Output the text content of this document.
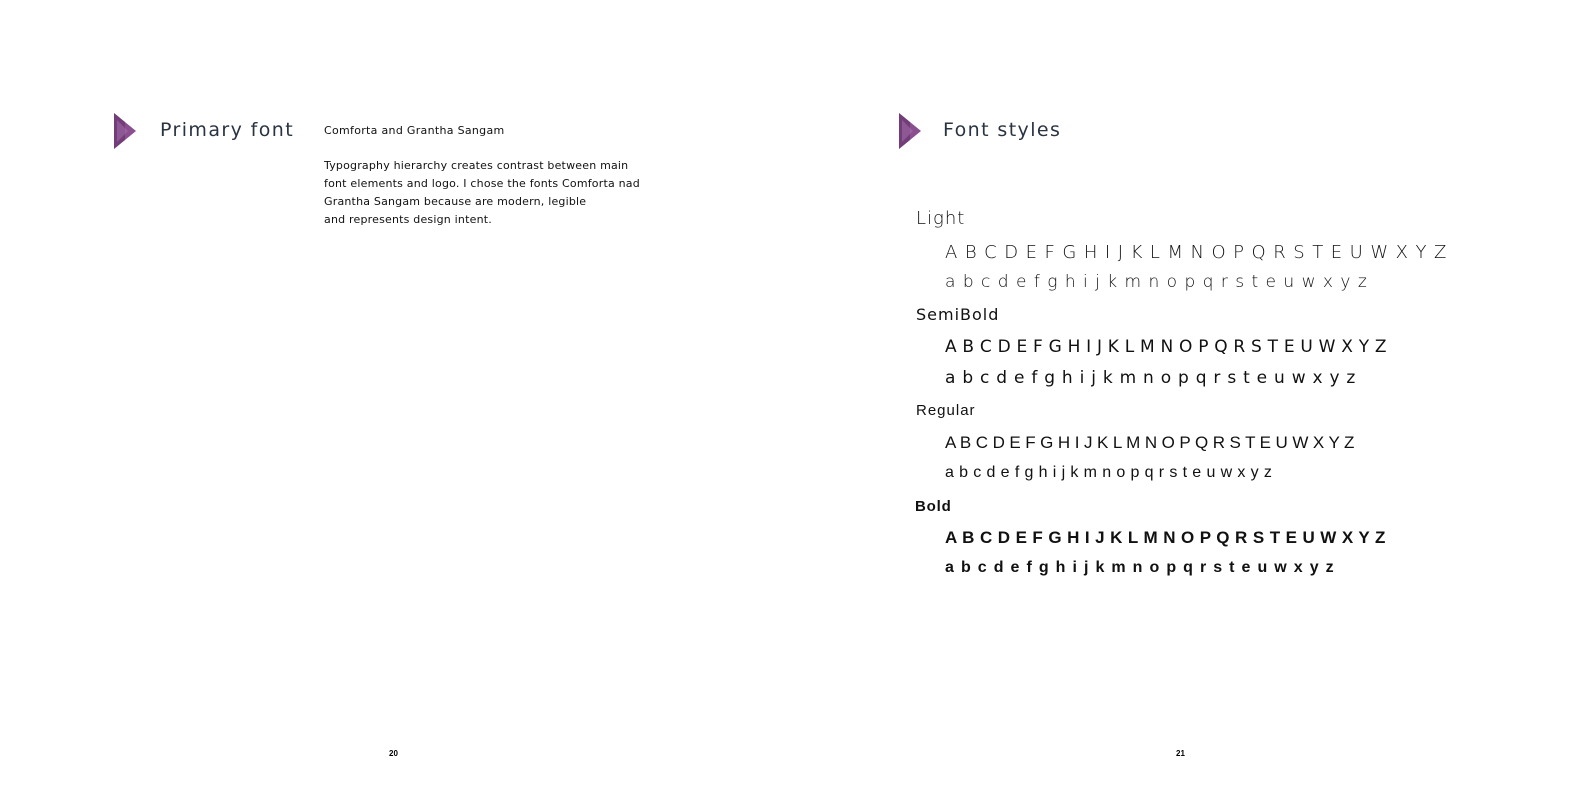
Primary font	Comforta and Grantha Sangam

Typography hierarchy creates contrast between main
font elements and logo. I chose the fonts Comforta nad
Grantha Sangam because are modern, legible
and represents design intent.
20
Font styles

Light

A B C D E F G H I J K L M N O P Q R S T E U W X Y Z

a b c d e f g h i j k m n o p q r s t e u w x y z

SemiBold

A B C D E F G H I J K L M N O P Q R S T E U W X Y Z

a b c d e f g h i j k m n o p q r s t e u w x y z

Regular

A B C D E F G H I J K L M N O P Q R S T E U W X Y Z

a b c d e f g h i j k m n o p q r s t e u w x y z

Bold

A B C D E F G H I J K L M N O P Q R S T E U W X Y Z

a b c d e f g h i j k m n o p q r s t e u w x y z

21
